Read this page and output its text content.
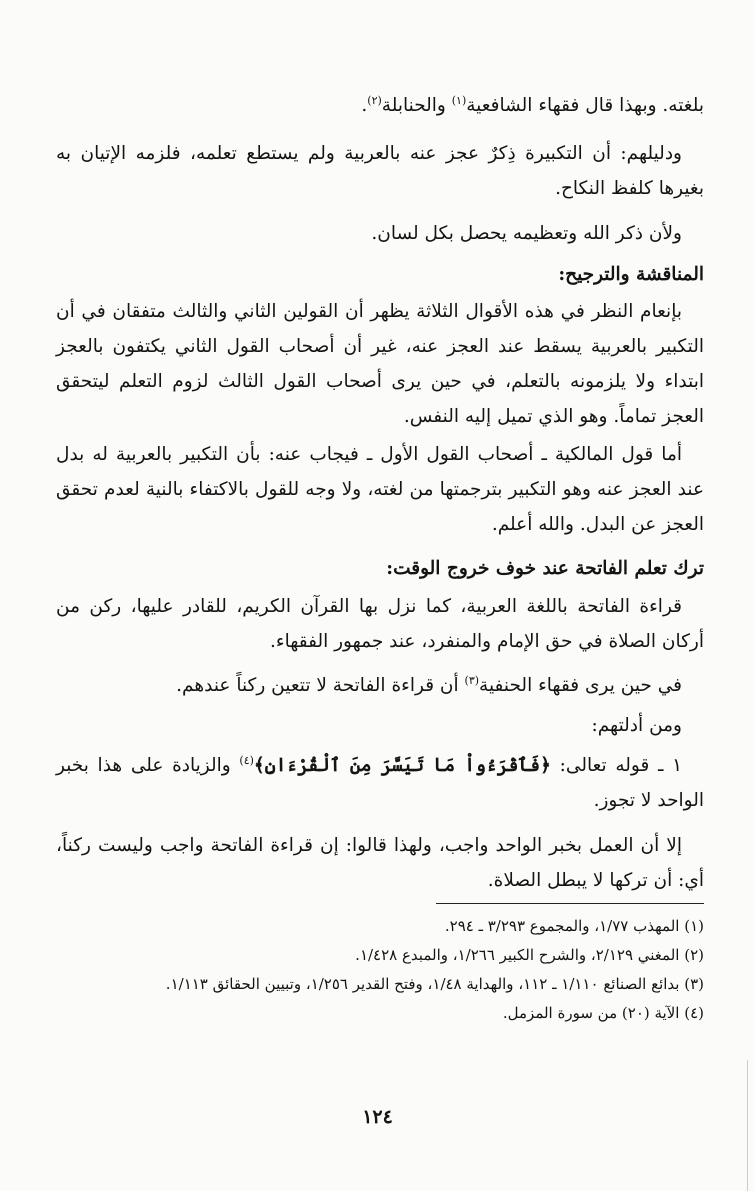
بلغته. وبهذا قال فقهاء الشافعية$^{(١)}$ والحنابلة$^{(٢)}$.

ودليلهم: أن التكبيرة ذِكرٌ عجز عنه بالعربية ولم يستطع تعلمه، فلزمه الإتيان به بغيرها كلفظ النكاح.

ولأن ذكر الله وتعظيمه يحصل بكل لسان.

المناقشة والترجيح:

بإنعام النظر في هذه الأقوال الثلاثة يظهر أن القولين الثاني والثالث متفقان في أن التكبير بالعربية يسقط عند العجز عنه، غير أن أصحاب القول الثاني يكتفون بالعجز ابتداء ولا يلزمونه بالتعلم، في حين يرى أصحاب القول الثالث لزوم التعلم ليتحقق العجز تماماً. وهو الذي تميل إليه النفس.

أما قول المالكية ـ أصحاب القول الأول ـ فيجاب عنه: بأن التكبير بالعربية له بدل عند العجز عنه وهو التكبير بترجمتها من لغته، ولا وجه للقول بالاكتفاء بالنية لعدم تحقق العجز عن البدل. والله أعلم.

ترك تعلم الفاتحة عند خوف خروج الوقت:

قراءة الفاتحة باللغة العربية، كما نزل بها القرآن الكريم، للقادر عليها، ركن من أركان الصلاة في حق الإمام والمنفرد، عند جمهور الفقهاء.

في حين يرى فقهاء الحنفية$^{(٣)}$ أن قراءة الفاتحة لا تتعين ركناً عندهم.

ومن أدلتهم:

١ ـ قوله تعالى: ﴿فَٱقْرَءُواْ مَا تَيَسَّرَ مِنَ ٱلْقُرْءَانِ﴾$^{(٤)}$ والزيادة على هذا بخبر الواحد لا تجوز.

إلا أن العمل بخبر الواحد واجب، ولهذا قالوا: إن قراءة الفاتحة واجب وليست ركناً، أي: أن تركها لا يبطل الصلاة.

(١) المهذب ١/٧٧، والمجموع ٣/٢٩٣ ـ ٢٩٤.

(٢) المغني ٢/١٢٩، والشرح الكبير ١/٢٦٦، والمبدع ١/٤٢٨.

(٣) بدائع الصنائع ١/١١٠ ـ ١١٢، والهداية ١/٤٨، وفتح القدير ١/٢٥٦، وتبيين الحقائق ١/١١٣.

(٤) الآية (٢٠) من سورة المزمل.

١٢٤
